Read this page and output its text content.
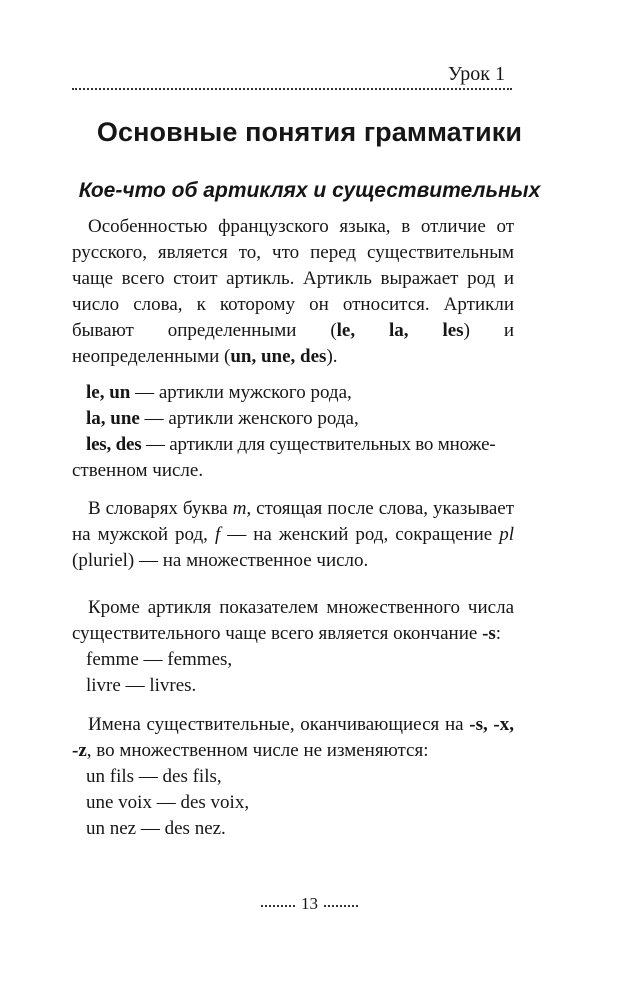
Урок 1
Основные понятия грамматики
Кое-что об артиклях и существительных

Особенностью французского языка, в отличие от русского, является то, что перед существительным чаще всего стоит артикль. Артикль выражает род и число слова, к которому он относится. Артикли бывают определенными (le, la, les) и неопределенными (un, une, des).

le, un — артикли мужского рода,
la, une — артикли женского рода,
les, des — артикли для существительных во множе-
ственном числе.

В словарях буква m, стоящая после слова, указывает на мужской род, f — на женский род, сокращение pl (pluriel) — на множественное число.

Кроме артикля показателем множественного числа существительного чаще всего является окончание -s:

femme — femmes,
livre — livres.

Имена существительные, оканчивающиеся на -s, -x, -z, во множественном числе не изменяются:

un fils — des fils,
une voix — des voix,
un nez — des nez.
13
